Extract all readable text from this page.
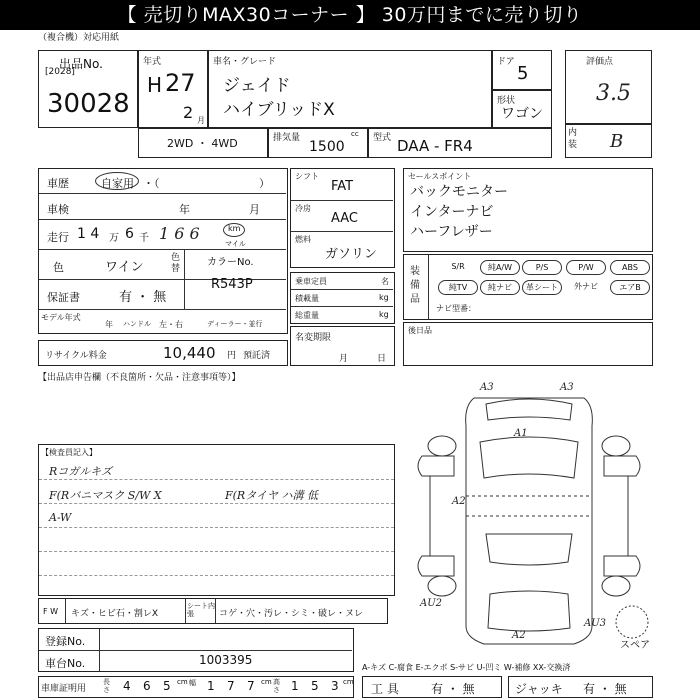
【 売切りMAX30コーナー 】 30万円までに売り切り
（複合機）対応用紙
出品No.
[2028]
30028
年式
H 27
2 月
車名・グレード
ジェイド
ハイブリッドX
ドア
5
形状
ワゴン
評価点
3.5
内装 B
2WD ・ 4WD	排気量	cc
1500
型式 DAA - FR4
車歴	自家用 ・（	）
車検	年	月
走行 1 4 万 6 千 1 6 6	km
マイル
色	ワイン
色替
カラーNo.
保証書	有 ・ 無
R543P
モデル年式
年 ハンドル 左・右	ディーラー・並行
リサイクル料金	10,440 円 預託済
シフト
FAT
冷房
AAC
燃料
ガソリン
乗車定員	名
積載量	kg
総重量	kg
名変期限
月	日
セールスポイント
バックモニター
インターナビ
ハーフレザー
装備品
S/R	純A/W	P/S	P/W	ABS
純TV	純ナビ	革シート	外ナビ	エアB
ナビ型番：
後日品
【出品店申告欄（不良箇所・欠品・注意事項等）】
【検査員記入】
Rコガルキズ
F(Rバニマスク S/W X
A-W
F(Rタイヤ ハ溝 低
F W キズ・ヒビ石・割レX
シート内張	コゲ・穴・汚レ・シミ・破レ・ヌレ
登録No.
車台No.	1003395
車庫証明用
長さ 4 6 5 cm 幅 1 7 7 cm 高さ 1 5 3 cm 工 具	有 ・ 無	ジャッキ 有 ・ 無
A-キズ C-腐食 E-エクボ S-サビ U-凹ミ W-補修 XX-交換済
A3	A3
A1
A2
AU2
A2
AU3
スペア
